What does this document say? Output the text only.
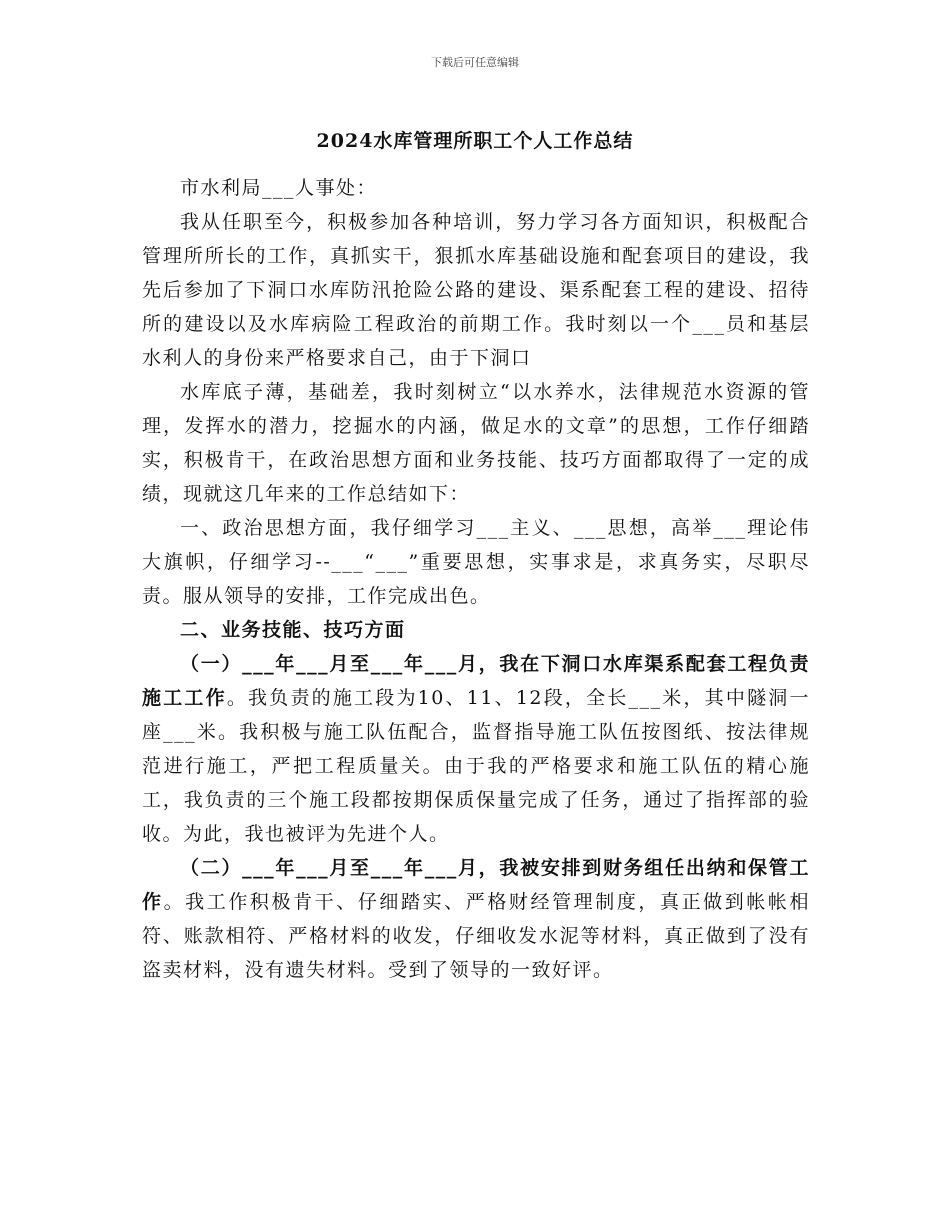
下载后可任意编辑
2024水库管理所职工个人工作总结

市水利局___人事处：

我从任职至今，积极参加各种培训，努力学习各方面知识，积极配合管理所所长的工作，真抓实干，狠抓水库基础设施和配套项目的建设，我先后参加了下洞口水库防汛抢险公路的建设、渠系配套工程的建设、招待所的建设以及水库病险工程政治的前期工作。我时刻以一个___员和基层水利人的身份来严格要求自己，由于下洞口

水库底子薄，基础差，我时刻树立“以水养水，法律规范水资源的管理，发挥水的潜力，挖掘水的内涵，做足水的文章”的思想，工作仔细踏实，积极肯干，在政治思想方面和业务技能、技巧方面都取得了一定的成绩，现就这几年来的工作总结如下：

一、政治思想方面，我仔细学习___主义、___思想，高举___理论伟大旗帜，仔细学习--___“___”重要思想，实事求是，求真务实，尽职尽责。服从领导的安排，工作完成出色。

二、业务技能、技巧方面

（一）___年___月至___年___月，我在下洞口水库渠系配套工程负责施工工作。我负责的施工段为10、11、12段，全长___米，其中隧洞一座___米。我积极与施工队伍配合，监督指导施工队伍按图纸、按法律规范进行施工，严把工程质量关。由于我的严格要求和施工队伍的精心施工，我负责的三个施工段都按期保质保量完成了任务，通过了指挥部的验收。为此，我也被评为先进个人。

（二）___年___月至___年___月，我被安排到财务组任出纳和保管工作。我工作积极肯干、仔细踏实、严格财经管理制度，真正做到帐帐相符、账款相符、严格材料的收发，仔细收发水泥等材料，真正做到了没有盗卖材料，没有遗失材料。受到了领导的一致好评。
